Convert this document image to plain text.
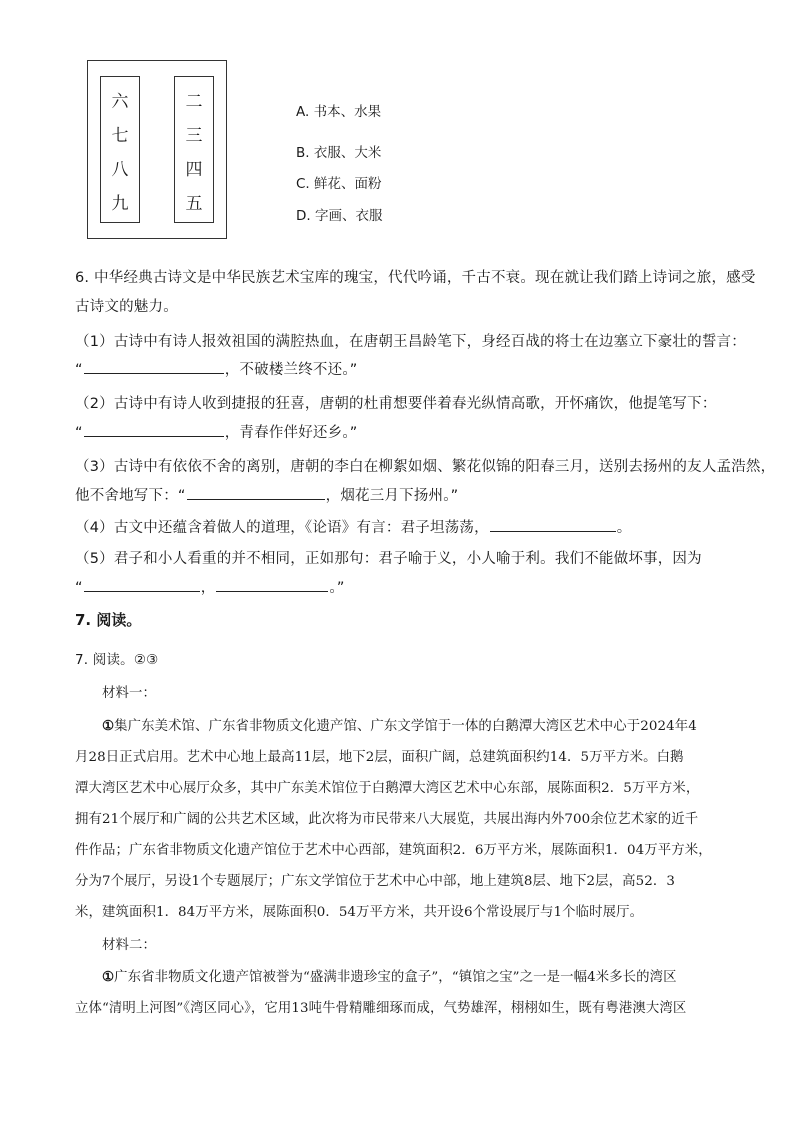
六
七
八
九
二
三
四
五
A. 书本、水果
B. 衣服、大米
C. 鲜花、面粉
D. 字画、衣服
6. 中华经典古诗文是中华民族艺术宝库的瑰宝，代代吟诵，千古不衰。现在就让我们踏上诗词之旅，感受
古诗文的魅力。
（1）古诗中有诗人报效祖国的满腔热血，在唐朝王昌龄笔下，身经百战的将士在边塞立下豪壮的誓言：
“	，不破楼兰终不还。”
（2）古诗中有诗人收到捷报的狂喜，唐朝的杜甫想要伴着春光纵情高歌，开怀痛饮，他提笔写下：
“	，青春作伴好还乡。”
（3）古诗中有依依不舍的离别，唐朝的李白在柳絮如烟、繁花似锦的阳春三月，送别去扬州的友人孟浩然，
他不舍地写下：“	，烟花三月下扬州。”
（4）古文中还蕴含着做人的道理，《论语》有言：君子坦荡荡，	。
（5）君子和小人看重的并不相同，正如那句：君子喻于义，小人喻于利。我们不能做坏事，因为
“	，	。”
7. 阅读。
7. 阅读。②③
材料一：
①集广东美术馆、广东省非物质文化遗产馆、广东文学馆于一体的白鹅潭大湾区艺术中心于2024年4
月28日正式启用。艺术中心地上最高11层，地下2层，面积广阔，总建筑面积约14．5万平方米。白鹅
潭大湾区艺术中心展厅众多，其中广东美术馆位于白鹅潭大湾区艺术中心东部，展陈面积2．5万平方米，
拥有21个展厅和广阔的公共艺术区域，此次将为市民带来八大展览，共展出海内外700余位艺术家的近千
件作品；广东省非物质文化遗产馆位于艺术中心西部，建筑面积2．6万平方米，展陈面积1．04万平方米，
分为7个展厅，另设1个专题展厅；广东文学馆位于艺术中心中部，地上建筑8层、地下2层，高52．3
米，建筑面积1．84万平方米，展陈面积0．54万平方米，共开设6个常设展厅与1个临时展厅。
材料二：
①广东省非物质文化遗产馆被誉为“盛满非遗珍宝的盒子”，“镇馆之宝”之一是一幅4米多长的湾区
立体“清明上河图”《湾区同心》，它用13吨牛骨精雕细琢而成，气势雄浑，栩栩如生，既有粤港澳大湾区
